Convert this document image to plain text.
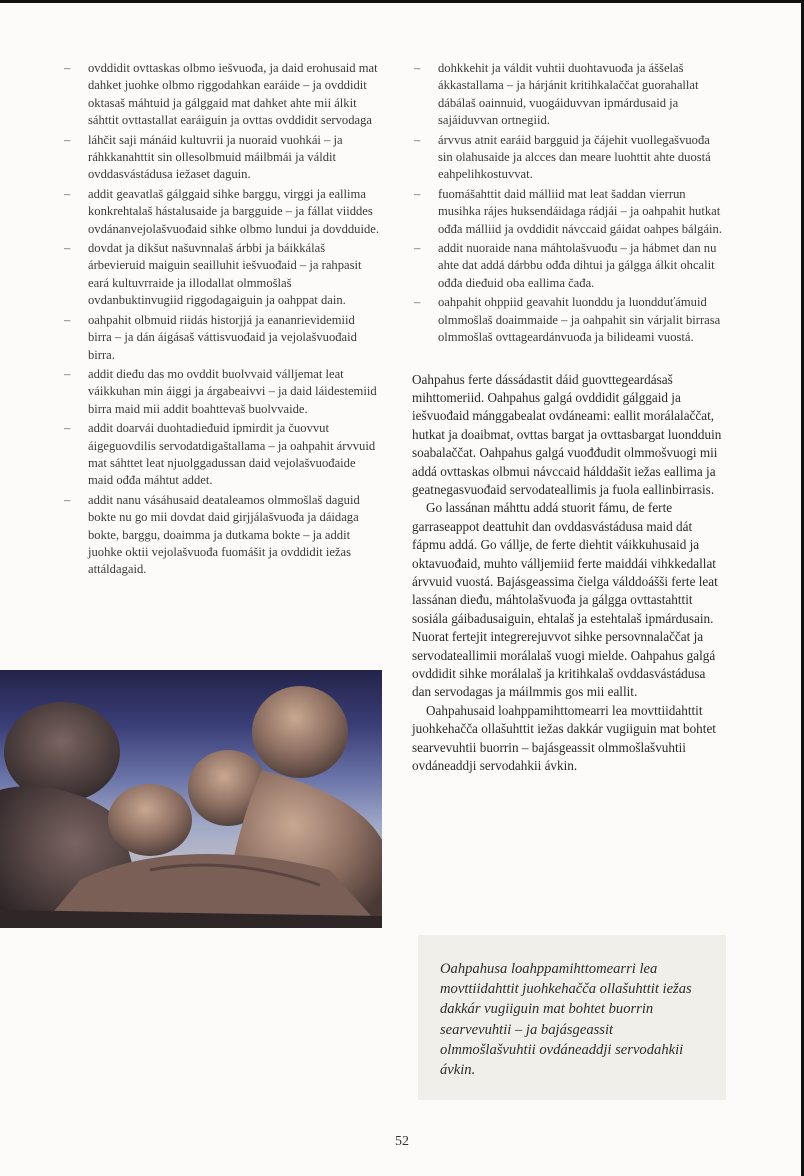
– ovddidit ovttaskas olbmo iešvuođa, ja daid erohusaid mat dahket juohke olbmo riggodahkan earáide – ja ovddidit oktasaš máhtuid ja gálggaid mat dahket ahte mii álkit sáhttit ovttastallat earáiguin ja ovttas ovddidit servodaga
– láhčit saji mánáid kultuvrii ja nuoraid vuohkái – ja ráhkkanahttit sin ollesolbmuid máilbmái ja váldit ovddasvástádusa iežaset daguin.
– addit geavatlaš gálggaid sihke barggu, virggi ja eallima konkrehtalaš hástalusaide ja bargguide – ja fállat viiddes ovdánanvejolašvuođaid sihke olbmo lundui ja dovdduide.
– dovdat ja dikšut našuvnnalaš árbbi ja báikkálaš árbevieruid maiguin seailluhit iešvuođaid – ja rahpasit eará kultuvrraide ja illodallat olmmošlaš ovdanbuktinvugiid riggodagaiguin ja oahppat dain.
– oahpahit olbmuid riidás historjjá ja eananrievidemiid birra – ja dán áigásaš váttisvuođaid ja vejolašvuođaid birra.
– addit dieđu das mo ovddit buolvvaid válljemat leat váikkuhan min áiggi ja árgabeaivvi – ja daid láidestemiid birra maid mii addit boahttevaš buolvvaide.
– addit doarvái duohtadieđuid ipmirdit ja čuovvut áigeguovdilis servodatdigaštallama – ja oahpahit árvvuid mat sáhttet leat njuolggadussan daid vejolašvuođaide maid ođđa máhtut addet.
– addit nanu vásáhusaid deataleamos olmmošlaš daguid bokte nu go mii dovdat daid girjjálašvuođa ja dáidaga bokte, barggu, doaimma ja dutkama bokte – ja addit juohke oktii vejolašvuođa fuomášit ja ovddidit iežas attáldagaid.
– dohkkehit ja váldit vuhtii duohtavuođa ja áššelaš ákkastallama – ja hárjánit kritihkalaččat guorahallat dábálaš oainnuid, vuogáiduvvan ipmárdusaid ja sajáiduvvan ortnegiid.
– árvvus atnit earáid bargguid ja čájehit vuollegašvuođa sin olahusaide ja alcces dan meare luohttit ahte duostá eahpelihkostuvvat.
– fuomášahttit daid málliid mat leat šaddan vierrun musihka rájes huksendáidaga rádjái – ja oahpahit hutkat ođđa málliid ja ovddidit návccaid gáidat oahpes bálgáin.
– addit nuoraide nana máhtolašvuođu – ja hábmet dan nu ahte dat addá dárbbu ođđa dihtui ja gálgga álkit ohcalit ođđa dieđuid oba eallima čađa.
– oahpahit ohppiid geavahit luonddu ja luondduťámuid olmmošlaš doaimmaide – ja oahpahit sin várjalit birrasa olmmošlaš ovttageardánvuođa ja bilideami vuostá.

Oahpahus ferte dássádastit dáid guovttegeardásaš mihttomeriid. Oahpahus galgá ovddidit gálggaid ja iešvuođaid mánggabealat ovdáneami: eallit morálalaččat, hutkat ja doaibmat, ovttas bargat ja ovttasbargat luondduin soabalaččat. Oahpahus galgá vuođđudit olmmošvuogi mii addá ovttaskas olbmui návccaid hálddašit iežas eallima ja geatnegasvuođaid servodateallimis ja fuola eallinbirrasis.

Go lassánan máhttu addá stuorit fámu, de ferte garraseappot deattuhit dan ovddasvástádusa maid dát fápmu addá. Go vállje, de ferte diehtit váikkuhusaid ja oktavuođaid, muhto válljemiid ferte maiddái vihkkedallat árvvuid vuostá. Bajásgeassima čielga válddoášši ferte leat lassánan dieđu, máhtolašvuođa ja gálgga ovttastahttit sosiála gáibadusaiguin, ehtalaš ja estehtalaš ipmárdusain. Nuorat fertejit integrerejuvvot sihke persovnnalaččat ja servodateallimii morálalaš vuogi mielde. Oahpahus galgá ovddidit sihke morálalaš ja kritihkalaš ovddasvástádusa dan servodagas ja máilmmis gos mii eallit.

Oahpahusaid loahppamihttomearri lea movttiidahttit juohkehačča ollašuhttit iežas dakkár vugiiguin mat bohtet searvevuhtii buorrin – bajásgeassit olmmošlašvuhtii ovdáneaddji servodahkii ávkin.

Oahpahusa loahppamihttomearri lea movttiidahttit juohkehačča ollašuhttit iežas dakkár vugiiguin mat bohtet buorrin searvevuhtii – ja bajásgeassit olmmošlašvuhtii ovdáneaddji servodahkii ávkin.
52
